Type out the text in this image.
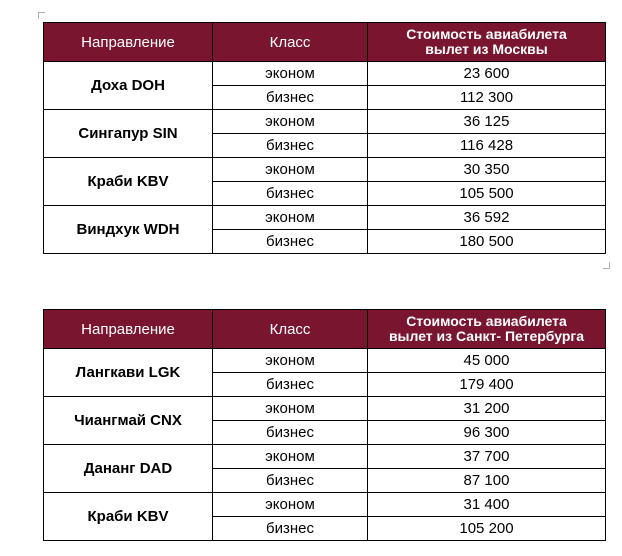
Направление	Класс	Стоимость авиабилета
вылет из Москвы
Доха DOH	эконом	23 600
	бизнес	112 300
Сингапур SIN	эконом	36 125
	бизнес	116 428
Краби KBV	эконом	30 350
	бизнес	105 500
Виндхук WDH	эконом	36 592
	бизнес	180 500
Направление	Класс	Стоимость авиабилета
вылет из Санкт- Петербурга
Лангкави LGK	эконом	45 000
	бизнес	179 400
Чиангмай CNX	эконом	31 200
	бизнес	96 300
Дананг DAD	эконом	37 700
	бизнес	87 100
Краби KBV	эконом	31 400
	бизнес	105 200
